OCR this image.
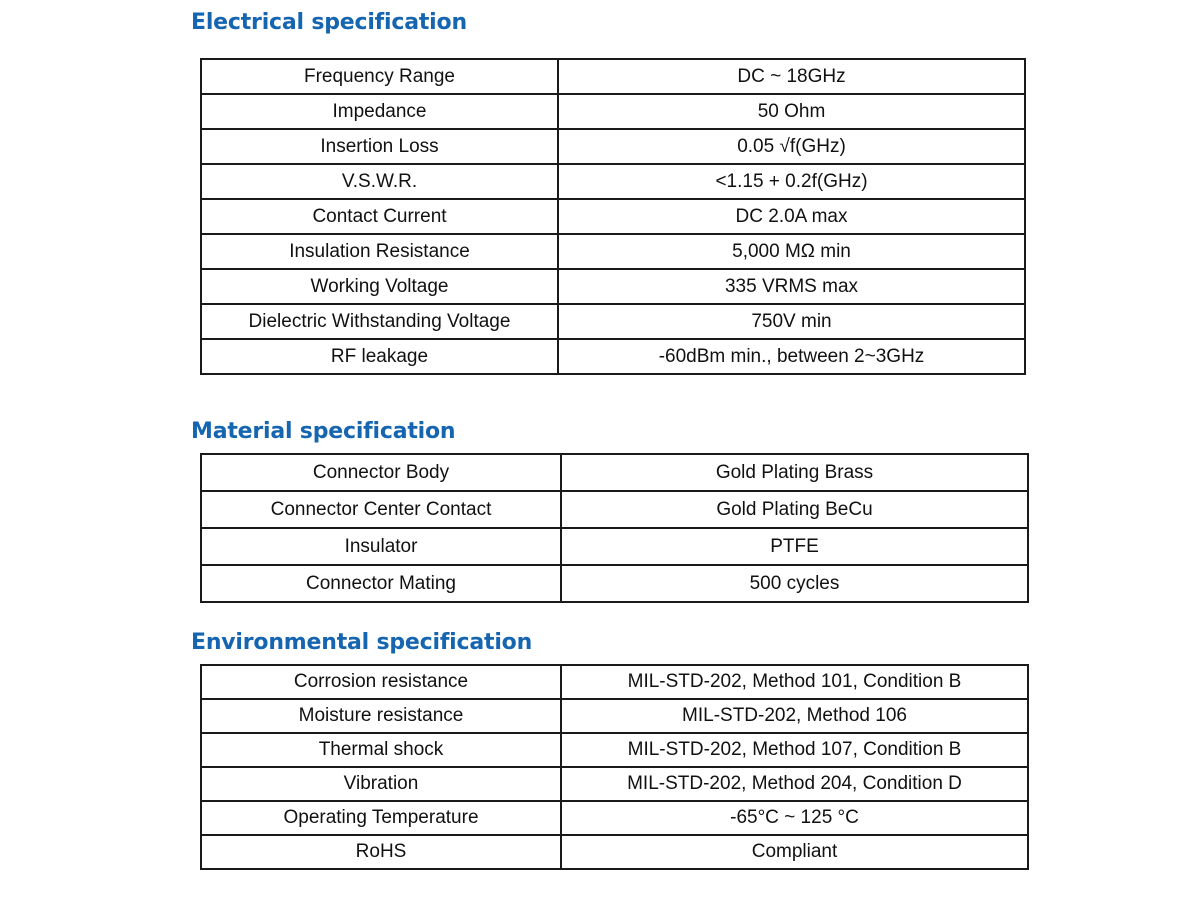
Electrical specification
Frequency Range	DC ~ 18GHz
Impedance	50 Ohm
Insertion Loss	0.05 √f(GHz)
V.S.W.R.	<1.15 + 0.2f(GHz)
Contact Current	DC 2.0A max
Insulation Resistance	5,000 MΩ min
Working Voltage	335 VRMS max
Dielectric Withstanding Voltage	750V min
RF leakage	-60dBm min., between 2~3GHz
Material specification
Connector Body	Gold Plating Brass
Connector Center Contact	Gold Plating BeCu
Insulator	PTFE
Connector Mating	500 cycles
Environmental specification
Corrosion resistance	MIL-STD-202, Method 101, Condition B
Moisture resistance	MIL-STD-202, Method 106
Thermal shock	MIL-STD-202, Method 107, Condition B
Vibration	MIL-STD-202, Method 204, Condition D
Operating Temperature	-65°C ~ 125 °C
RoHS	Compliant
